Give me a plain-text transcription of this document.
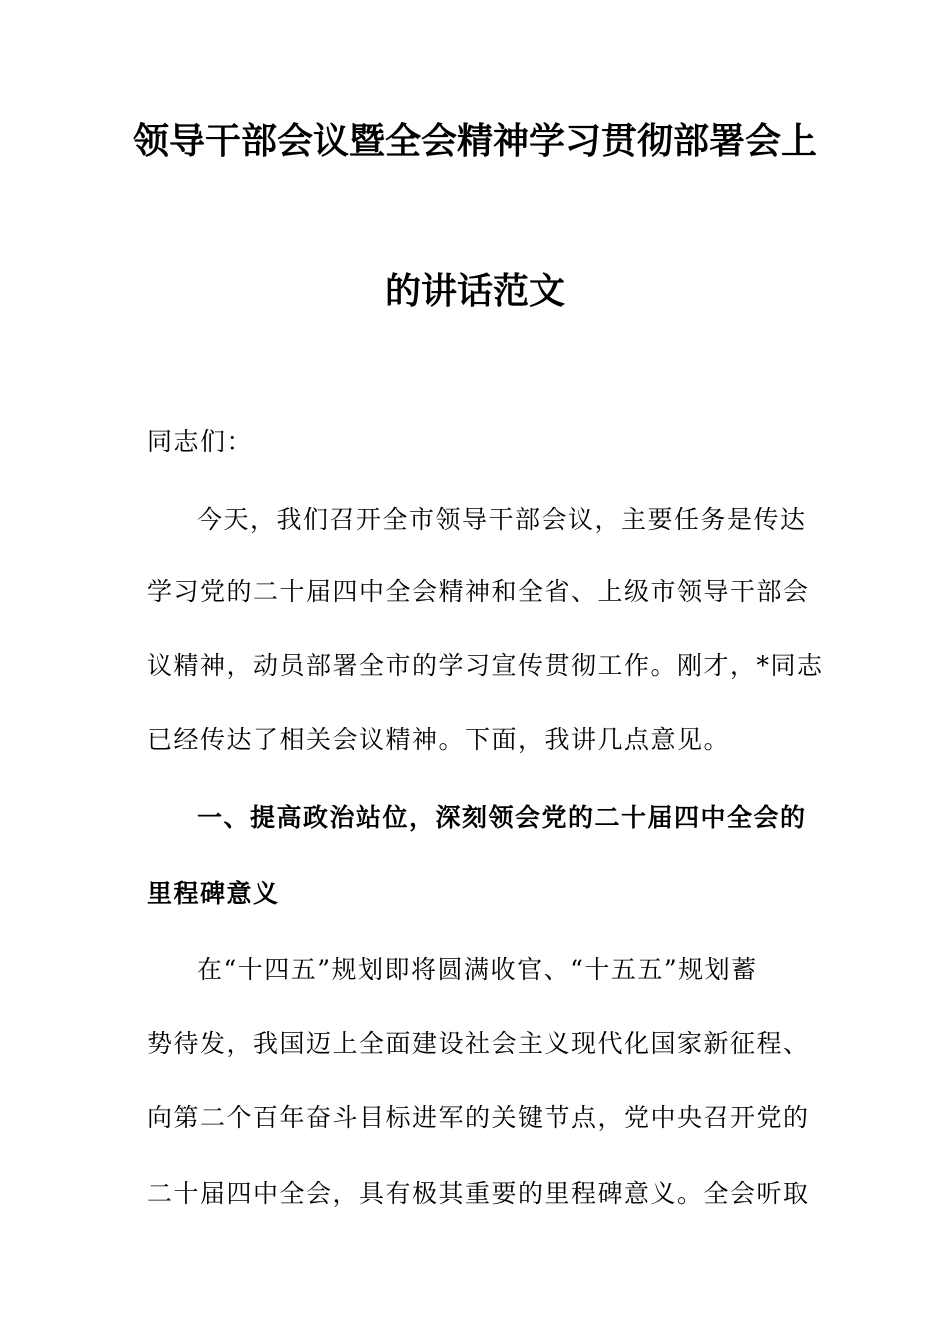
领导干部会议暨全会精神学习贯彻部署会上
的讲话范文
同志们：
今天，我们召开全市领导干部会议，主要任务是传达
学习党的二十届四中全会精神和全省、上级市领导干部会
议精神，动员部署全市的学习宣传贯彻工作。刚才，*同志
已经传达了相关会议精神。下面，我讲几点意见。
一、提高政治站位，深刻领会党的二十届四中全会的
里程碑意义
在“十四五”规划即将圆满收官、“十五五”规划蓄
势待发，我国迈上全面建设社会主义现代化国家新征程、
向第二个百年奋斗目标进军的关键节点，党中央召开党的
二十届四中全会，具有极其重要的里程碑意义。全会听取
